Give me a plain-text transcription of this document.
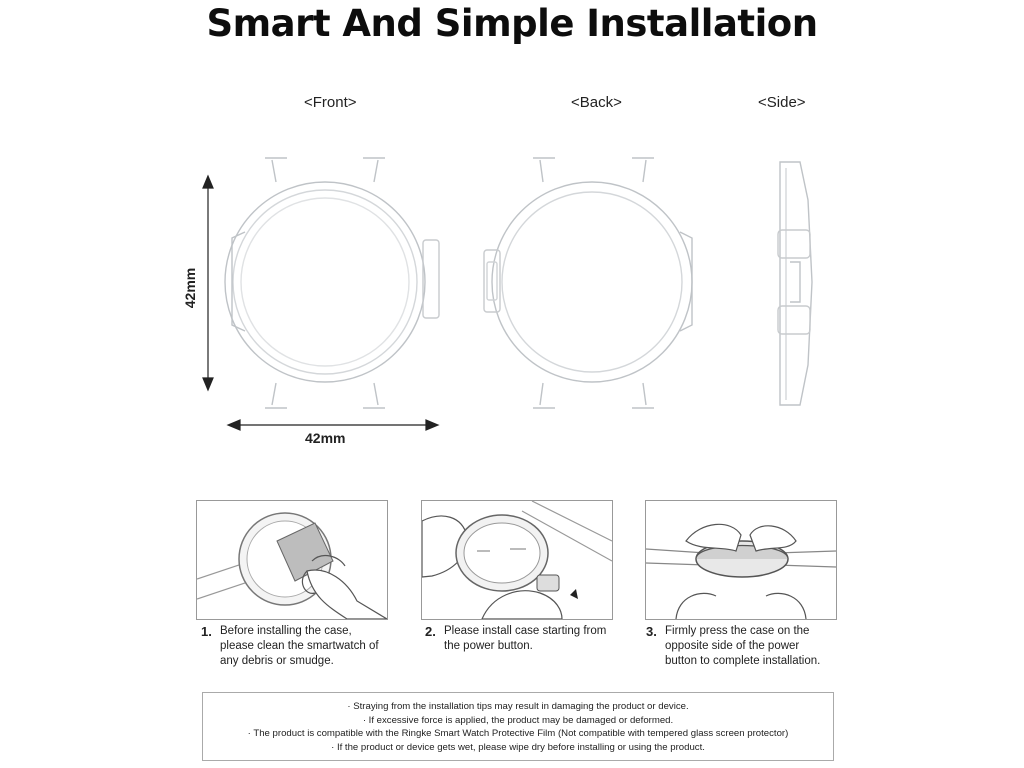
Smart And Simple Installation
<Front>	<Back>	<Side>
42mm
42mm
1. Before installing the case,
please clean the smartwatch of
any debris or smudge.
2. Please install case starting from
the power button.
3. Firmly press the case on the
opposite side of the power
button to complete installation.
· Straying from the installation tips may result in damaging the product or device.
· If excessive force is applied, the product may be damaged or deformed.
· The product is compatible with the Ringke Smart Watch Protective Film (Not compatible with tempered glass screen protector)
· If the product or device gets wet, please wipe dry before installing or using the product.
